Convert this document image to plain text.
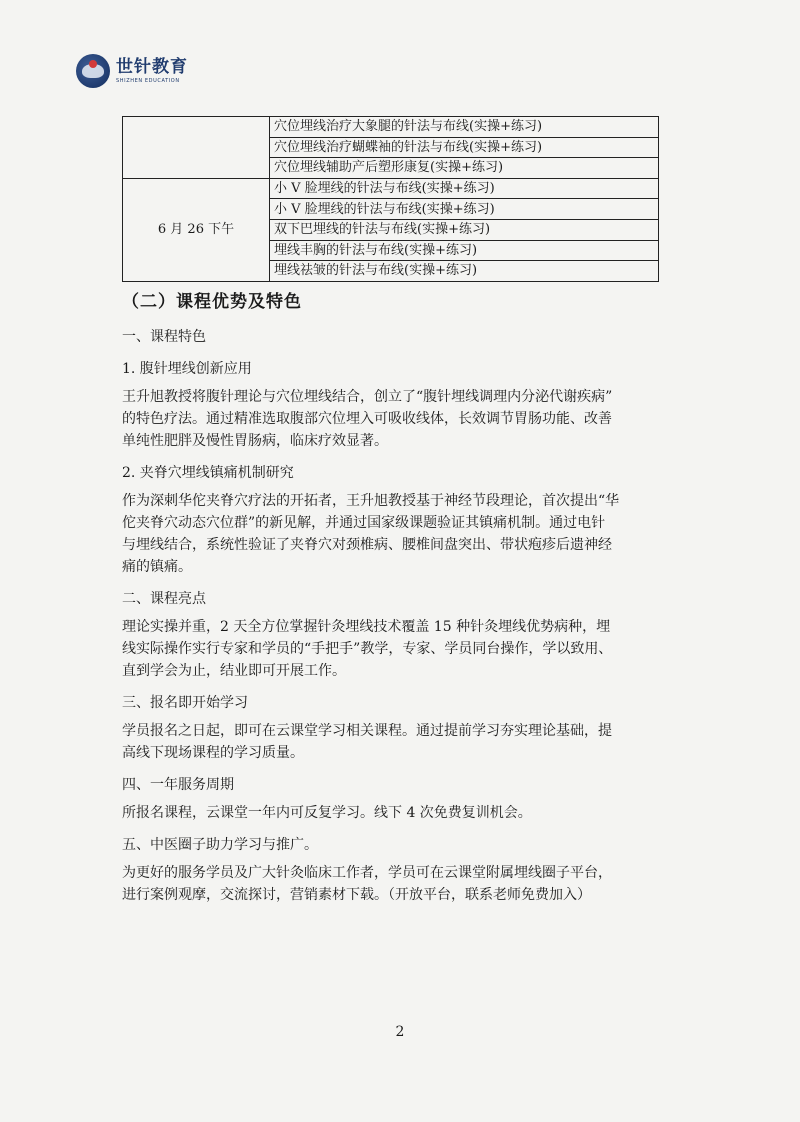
世针教育
SHIZHEN EDUCATION
	穴位埋线治疗大象腿的针法与布线(实操+练习)
	穴位埋线治疗蝴蝶袖的针法与布线(实操+练习)
	穴位埋线辅助产后塑形康复(实操+练习)
6 月 26 下午	小 V 脸埋线的针法与布线(实操+练习)
	小 V 脸埋线的针法与布线(实操+练习)
	双下巴埋线的针法与布线(实操+练习)
	埋线丰胸的针法与布线(实操+练习)
	埋线祛皱的针法与布线(实操+练习)
（二）课程优势及特色
一、课程特色
1. 腹针埋线创新应用
王升旭教授将腹针理论与穴位埋线结合，创立了“腹针埋线调理内分泌代谢疾病”
的特色疗法。通过精准选取腹部穴位埋入可吸收线体，长效调节胃肠功能、改善
单纯性肥胖及慢性胃肠病，临床疗效显著。
2. 夹脊穴埋线镇痛机制研究
作为深刺华佗夹脊穴疗法的开拓者，王升旭教授基于神经节段理论，首次提出“华
佗夹脊穴动态穴位群”的新见解，并通过国家级课题验证其镇痛机制。通过电针
与埋线结合，系统性验证了夹脊穴对颈椎病、腰椎间盘突出、带状疱疹后遗神经
痛的镇痛。
二、课程亮点
理论实操并重，2 天全方位掌握针灸埋线技术覆盖 15 种针灸埋线优势病种，埋
线实际操作实行专家和学员的“手把手”教学，专家、学员同台操作，学以致用、
直到学会为止，结业即可开展工作。
三、报名即开始学习
学员报名之日起，即可在云课堂学习相关课程。通过提前学习夯实理论基础，提
高线下现场课程的学习质量。
四、一年服务周期
所报名课程，云课堂一年内可反复学习。线下 4 次免费复训机会。
五、中医圈子助力学习与推广。
为更好的服务学员及广大针灸临床工作者，学员可在云课堂附属埋线圈子平台，
进行案例观摩，交流探讨，营销素材下载。（开放平台，联系老师免费加入）
2
